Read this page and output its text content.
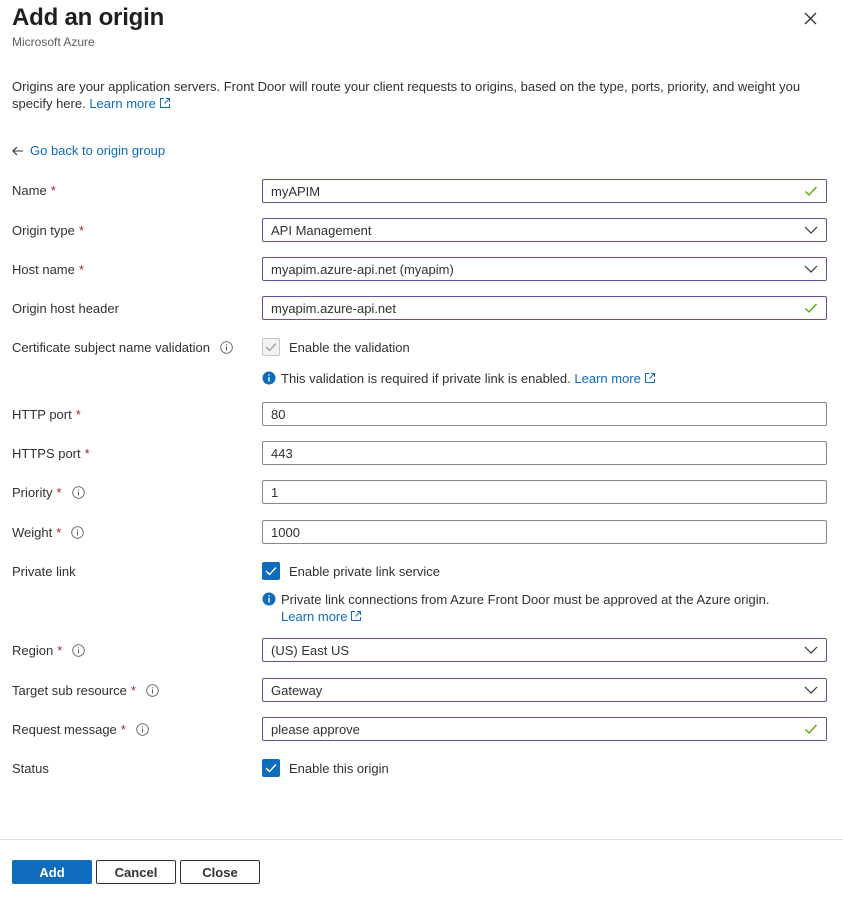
Add an origin
Microsoft Azure
Origins are your application servers. Front Door will route your client requests to origins, based on the type, ports, priority, and weight you specify here. Learn more
Go back to origin group
Name *	myAPIM
Origin type *	API Management
Host name *	myapim.azure-api.net (myapim)
Origin host header	myapim.azure-api.net
Certificate subject name validation	Enable the validation
This validation is required if private link is enabled. Learn more
HTTP port *	80
HTTPS port *	443
Priority *	1
Weight *	1000
Private link	Enable private link service
Private link connections from Azure Front Door must be approved at the Azure origin.
Learn more
Region *	(US) East US
Target sub resource *	Gateway
Request message *	please approve
Status	Enable this origin
Add	Cancel	Close
